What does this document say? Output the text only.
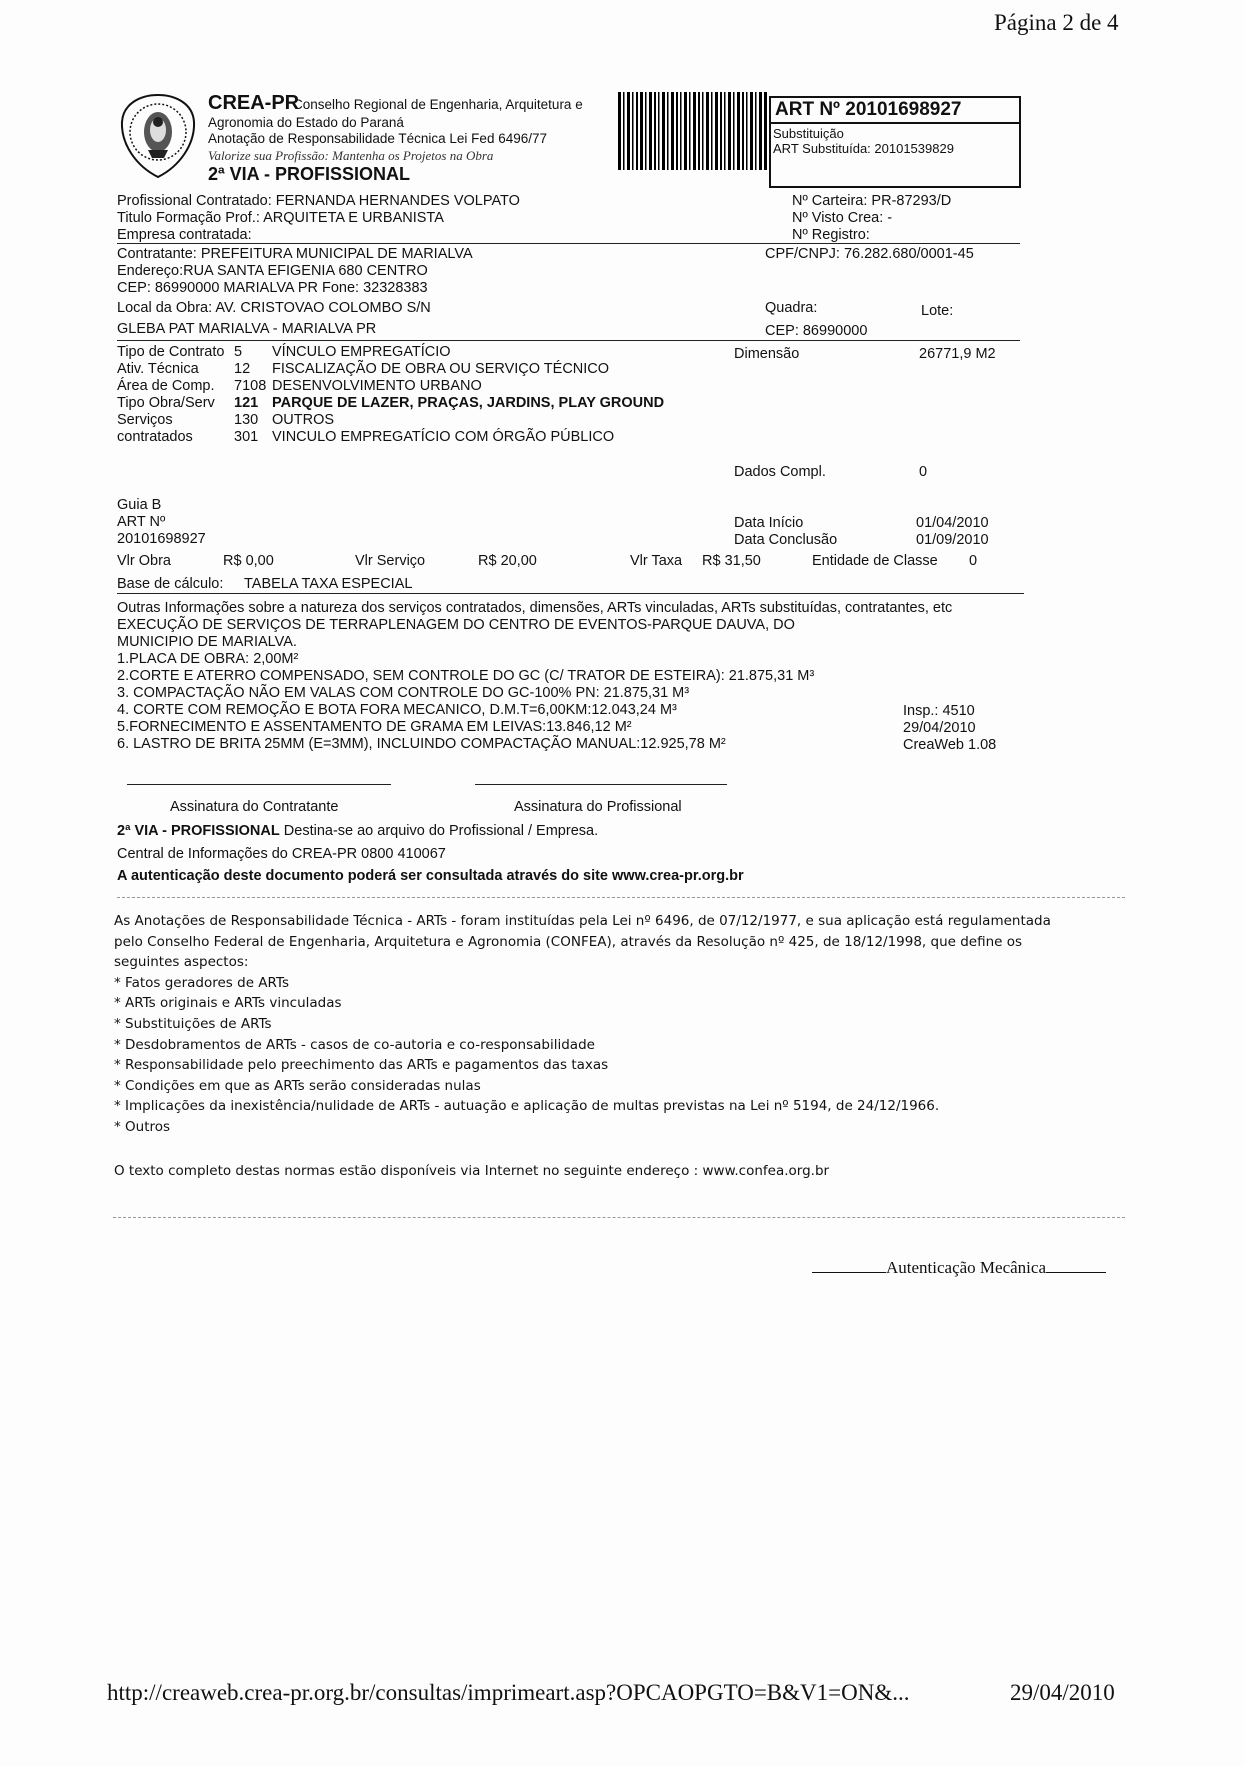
Página 2 de 4
CREA-PR
Conselho Regional de Engenharia, Arquitetura e
Agronomia do Estado do Paraná
Anotação de Responsabilidade Técnica Lei Fed 6496/77
Valorize sua Profissão: Mantenha os Projetos na Obra
2ª VIA - PROFISSIONAL
ART Nº 20101698927
Substituição
ART Substituída: 20101539829
Profissional Contratado: FERNANDA HERNANDES VOLPATO
Titulo Formação Prof.: ARQUITETA E URBANISTA
Empresa contratada:
Nº Carteira: PR-87293/D
Nº Visto Crea: -
Nº Registro:
Contratante: PREFEITURA MUNICIPAL DE MARIALVA
Endereço:RUA SANTA EFIGENIA 680 CENTRO
CEP: 86990000 MARIALVA PR Fone: 32328383
CPF/CNPJ: 76.282.680/0001-45
Local da Obra: AV. CRISTOVAO COLOMBO S/N
GLEBA PAT MARIALVA - MARIALVA PR
Quadra:	Lote:
CEP: 86990000
Tipo de Contrato 5 VÍNCULO EMPREGATÍCIO
Ativ. Técnica 12 FISCALIZAÇÃO DE OBRA OU SERVIÇO TÉCNICO
Área de Comp. 7108 DESENVOLVIMENTO URBANO
Tipo Obra/Serv 121 PARQUE DE LAZER, PRAÇAS, JARDINS, PLAY GROUND
Serviços	130 OUTROS
contratados	301 VINCULO EMPREGATÍCIO COM ÓRGÃO PÚBLICO
Dimensão	26771,9 M2
Dados Compl.	0
Guia B
ART Nº
20101698927
Data Início	01/04/2010
Data Conclusão	01/09/2010
Vlr Obra	R$ 0,00	Vlr Serviço	R$ 20,00	Vlr Taxa R$ 31,50	Entidade de Classe 0
Base de cálculo: TABELA TAXA ESPECIAL
Outras Informações sobre a natureza dos serviços contratados, dimensões, ARTs vinculadas, ARTs substituídas, contratantes, etc
EXECUÇÃO DE SERVIÇOS DE TERRAPLENAGEM DO CENTRO DE EVENTOS-PARQUE DAUVA, DO
MUNICIPIO DE MARIALVA.
1.PLACA DE OBRA: 2,00M²
2.CORTE E ATERRO COMPENSADO, SEM CONTROLE DO GC (C/ TRATOR DE ESTEIRA): 21.875,31 M³
3. COMPACTAÇÃO NÃO EM VALAS COM CONTROLE DO GC-100% PN: 21.875,31 M³
4. CORTE COM REMOÇÃO E BOTA FORA MECANICO, D.M.T=6,00KM:12.043,24 M³
5.FORNECIMENTO E ASSENTAMENTO DE GRAMA EM LEIVAS:13.846,12 M²
6. LASTRO DE BRITA 25MM (E=3MM), INCLUINDO COMPACTAÇÃO MANUAL:12.925,78 M²
Insp.: 4510
29/04/2010
CreaWeb 1.08
Assinatura do Contratante	Assinatura do Profissional
2ª VIA - PROFISSIONAL Destina-se ao arquivo do Profissional / Empresa.
Central de Informações do CREA-PR 0800 410067
A autenticação deste documento poderá ser consultada através do site www.crea-pr.org.br
As Anotações de Responsabilidade Técnica - ARTs - foram instituídas pela Lei nº 6496, de 07/12/1977, e sua aplicação está regulamentada
pelo Conselho Federal de Engenharia, Arquitetura e Agronomia (CONFEA), através da Resolução nº 425, de 18/12/1998, que define os
seguintes aspectos:
* Fatos geradores de ARTs
* ARTs originais e ARTs vinculadas
* Substituições de ARTs
* Desdobramentos de ARTs - casos de co-autoria e co-responsabilidade
* Responsabilidade pelo preechimento das ARTs e pagamentos das taxas
* Condições em que as ARTs serão consideradas nulas
* Implicações da inexistência/nulidade de ARTs - autuação e aplicação de multas previstas na Lei nº 5194, de 24/12/1966.
* Outros
O texto completo destas normas estão disponíveis via Internet no seguinte endereço : www.confea.org.br
Autenticação Mecânica
http://creaweb.crea-pr.org.br/consultas/imprimeart.asp?OPCAOPGTO=B&V1=ON&...	29/04/2010
